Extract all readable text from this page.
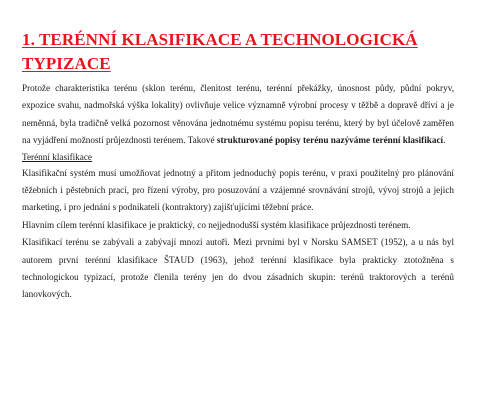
1. TERÉNNÍ KLASIFIKACE A TECHNOLOGICKÁ
TYPIZACE

Protože charakteristika terénu (sklon terénu, členitost terénu, terénní překážky, únosnost půdy, půdní pokryv, expozice svahu, nadmořská výška lokality) ovlivňuje velice významně výrobní procesy v těžbě a dopravě dříví a je neměnná, byla tradičně velká pozornost věnována jednotnému systému popisu terénu, který by byl účelově zaměřen na vyjádření možností průjezdnosti terénem. Takové strukturované popisy terénu nazýváme terénní klasifikací.

Terénní klasifikace

Klasifikační systém musí umožňovat jednotný a přitom jednoduchý popis terénu, v praxi použitelný pro plánování těžebních i pěstebních prací, pro řízení výroby, pro posuzování a vzájemné srovnávání strojů, vývoj strojů a jejich marketing, i pro jednání s podnikateli (kontraktory) zajišťujícími těžební práce.

Hlavním cílem terénní klasifikace je praktický, co nejjednodušší systém klasifikace průjezdnosti terénem.

Klasifikací terénu se zabývali a zabývají mnozí autoři. Mezi prvními byl v Norsku SAMSET (1952), a u nás byl autorem první terénní klasifikace ŠTAUD (1963), jehož terénní klasifikace byla prakticky ztotožněna s technologickou typizací, protože členila terény jen do dvou zásadních skupin: terénů traktorových a terénů lanovkových.
